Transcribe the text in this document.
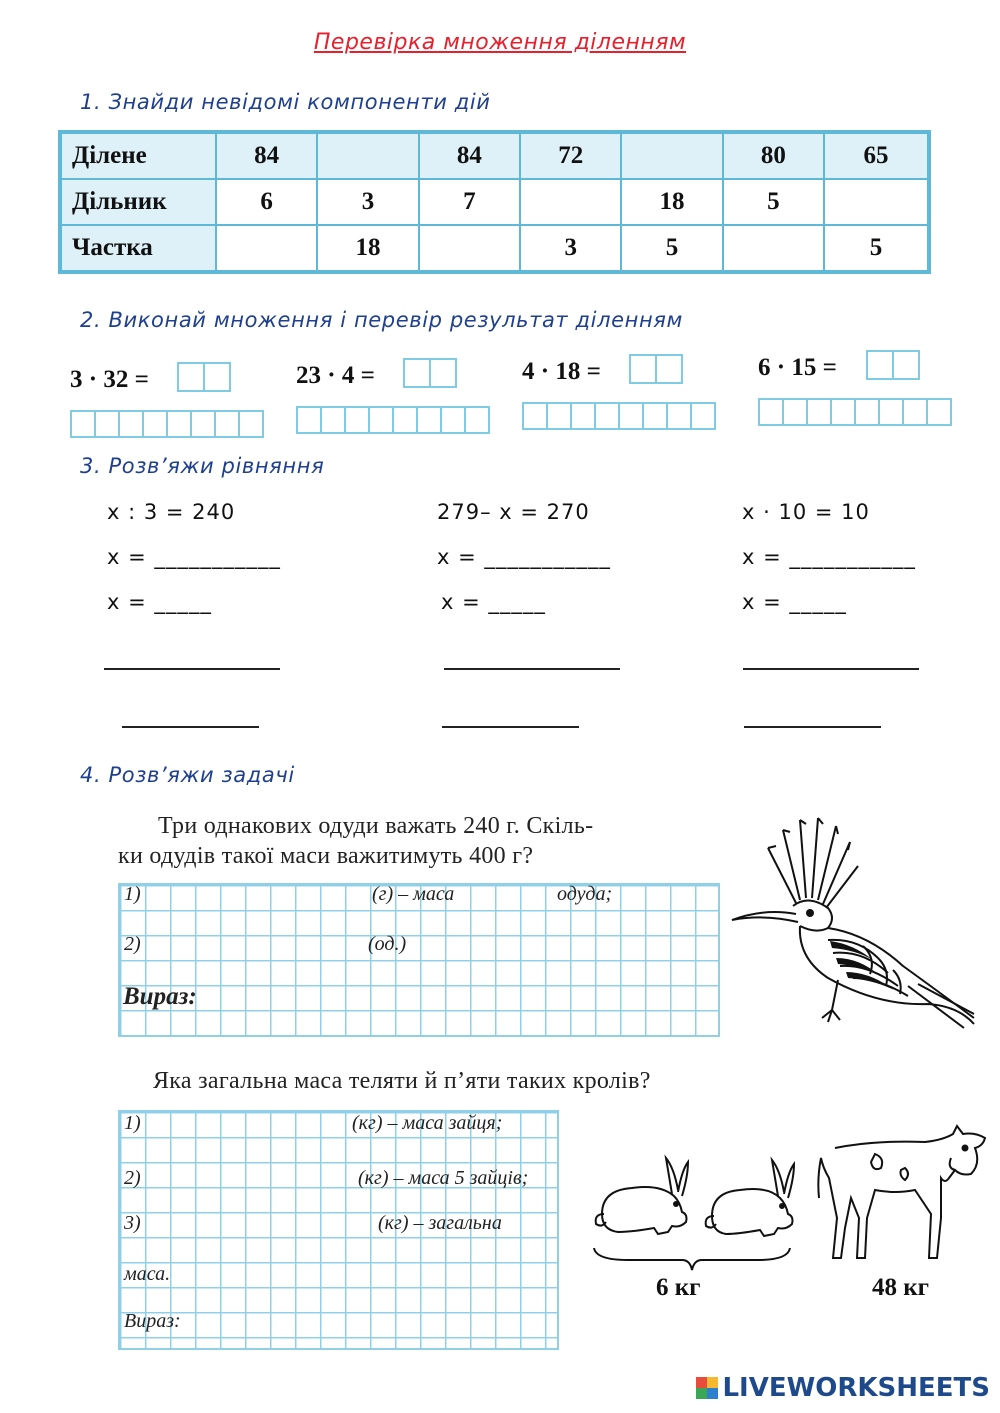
Перевірка множення діленням
1. Знайди невідомі компоненти дій
Ділене	84		84	72		80	65
Дільник	6	3	7		18	5	
Частка		18		3	5		5
2. Виконай множення і перевір результат діленням
3 · 32 =	23 · 4 =	4 · 18 =	6 · 15 =
3. Розв’яжи рівняння
x : 3 = 240
x = ___________
x = _____
279– x = 270
x = ___________
x = _____
x · 10 = 10
x = ___________
x = _____
4. Розв’яжи задачі
Три однакових одуди важать 240 г. Скіль-
ки одудів такої маси важитимуть 400 г?
1)	(г) – маса	одуда;
2)	(од.)
Вираз:
Яка загальна маса теляти й п’яти таких кролів?
1)	(кг) – маса зайця;
2)	(кг) – маса 5 зайців;
3)	(кг) – загальна
маса.
Вираз:
6 кг	48 кг
LIVEWORKSHEETS
